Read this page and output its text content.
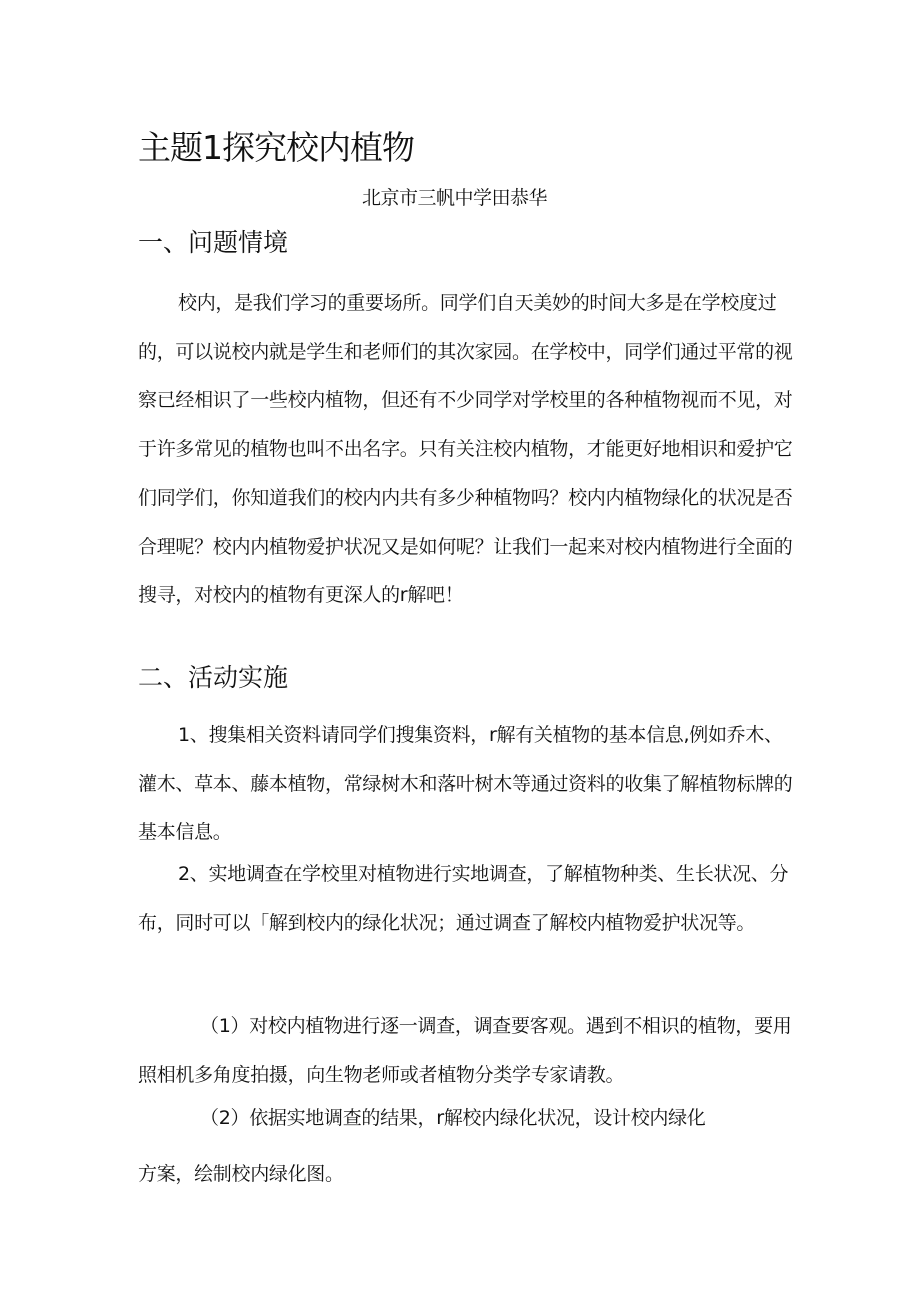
主题1探究校内植物
北京市三帆中学田恭华
一、问题情境

校内，是我们学习的重要场所。同学们自天美妙的时间大多是在学校度过的，可以说校内就是学生和老师们的其次家园。在学校中，同学们通过平常的视察已经相识了一些校内植物，但还有不少同学对学校里的各种植物视而不见，对于许多常见的植物也叫不出名字。只有关注校内植物，才能更好地相识和爱护它们同学们，你知道我们的校内内共有多少种植物吗？校内内植物绿化的状况是否合理呢？校内内植物爱护状况又是如何呢？让我们一起来对校内植物进行全面的搜寻，对校内的植物有更深人的r解吧！

二、活动实施

1、搜集相关资料请同学们搜集资料，r解有关植物的基本信息,例如乔木、灌木、草本、藤本植物，常绿树木和落叶树木等通过资料的收集了解植物标牌的基本信息。

2、实地调查在学校里对植物进行实地调查，了解植物种类、生长状况、分布，同时可以「解到校内的绿化状况；通过调查了解校内植物爱护状况等。

（1）对校内植物进行逐一调查，调查要客观。遇到不相识的植物，要用照相机多角度拍摄，向生物老师或者植物分类学专家请教。

（2）依据实地调查的结果，r解校内绿化状况，设计校内绿化

方案，绘制校内绿化图。
